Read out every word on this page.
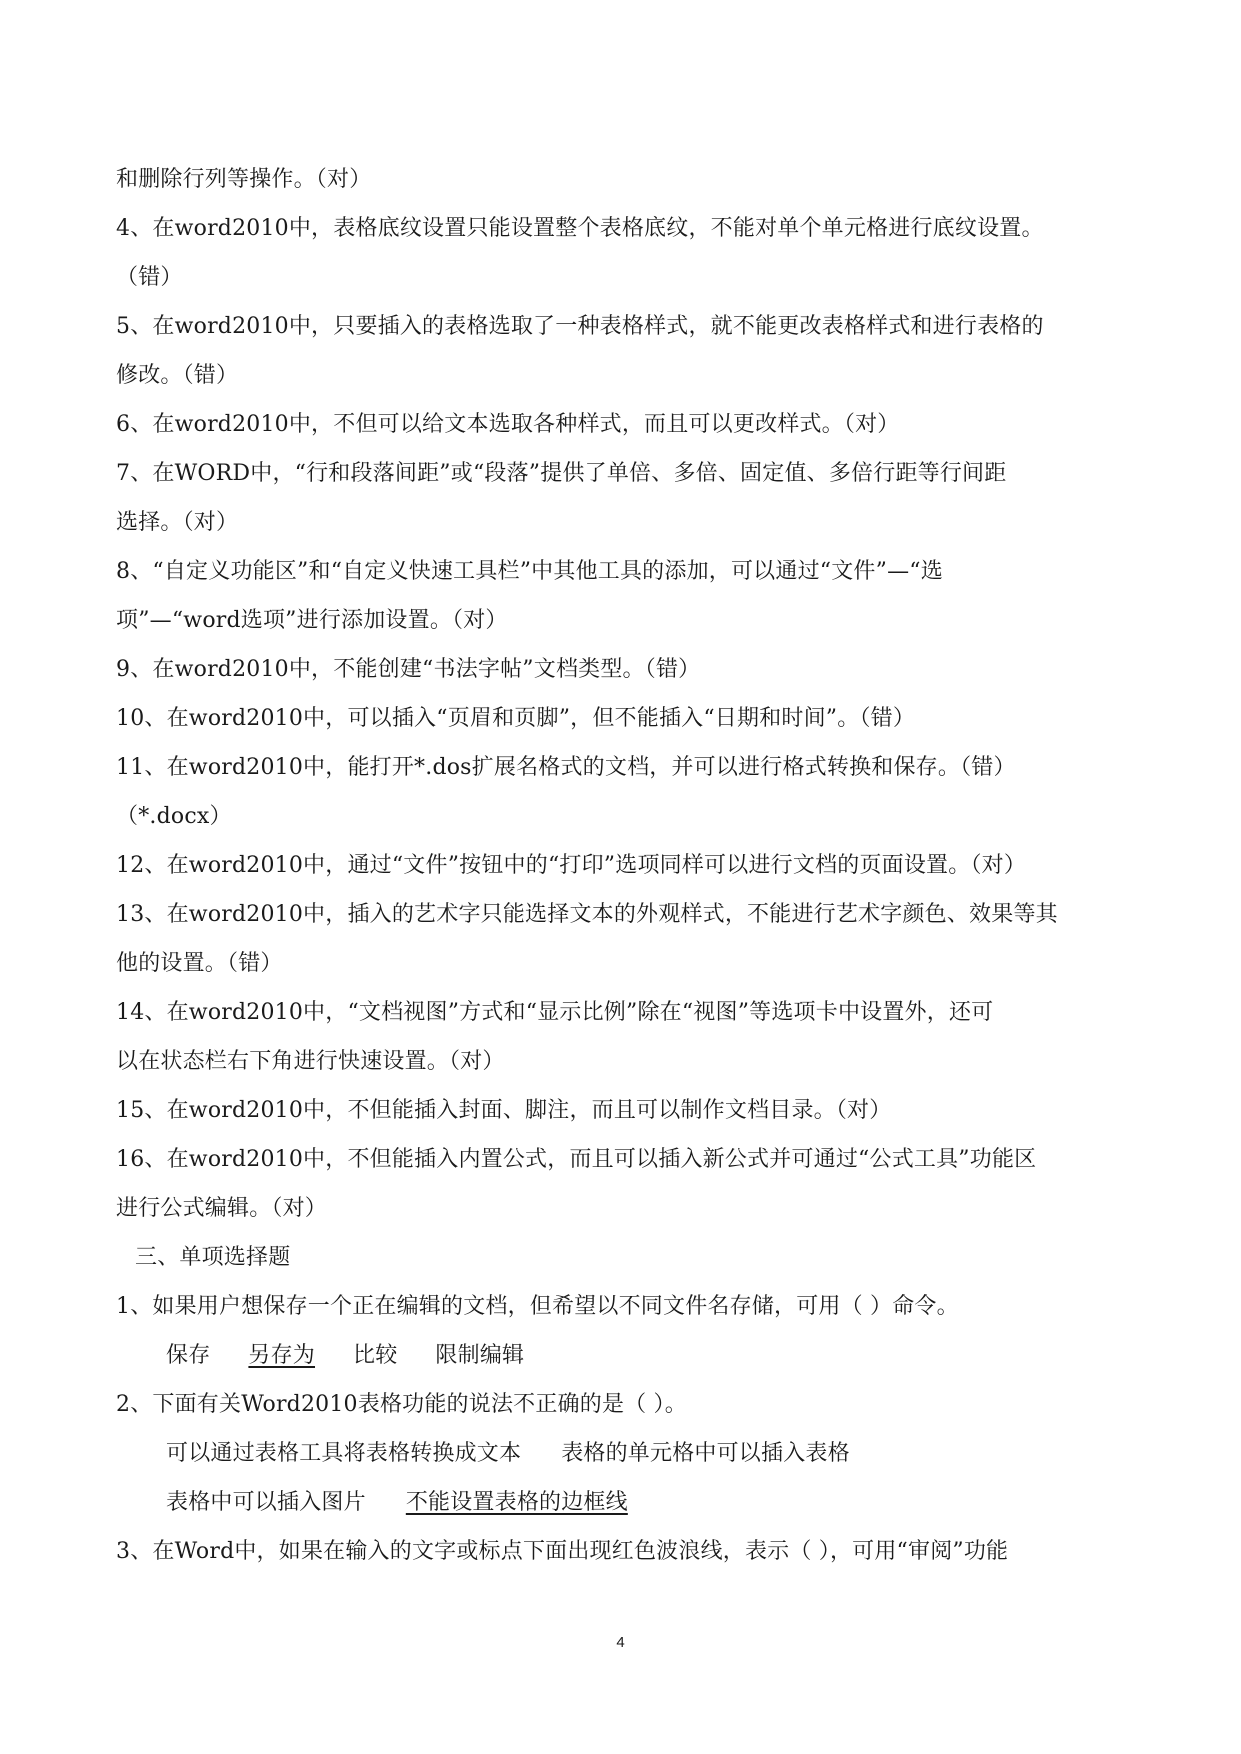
和删除行列等操作。（对）
4、在word2010中，表格底纹设置只能设置整个表格底纹，不能对单个单元格进行底纹设置。
（错）
5、在word2010中，只要插入的表格选取了一种表格样式，就不能更改表格样式和进行表格的
修改。（错）
6、在word2010中，不但可以给文本选取各种样式，而且可以更改样式。（对）
7、在WORD中，“行和段落间距”或“段落”提供了单倍、多倍、固定值、多倍行距等行间距
选择。（对）
8、“自定义功能区”和“自定义快速工具栏”中其他工具的添加，可以通过“文件”—“选
项”—“word选项”进行添加设置。（对）
9、在word2010中，不能创建“书法字帖”文档类型。（错）
10、在word2010中，可以插入“页眉和页脚”，但不能插入“日期和时间”。（错）
11、在word2010中，能打开*.dos扩展名格式的文档，并可以进行格式转换和保存。（错）
（*.docx）
12、在word2010中，通过“文件”按钮中的“打印”选项同样可以进行文档的页面设置。（对）
13、在word2010中，插入的艺术字只能选择文本的外观样式，不能进行艺术字颜色、效果等其
他的设置。（错）
14、在word2010中，“文档视图”方式和“显示比例”除在“视图”等选项卡中设置外，还可
以在状态栏右下角进行快速设置。（对）
15、在word2010中，不但能插入封面、脚注，而且可以制作文档目录。（对）
16、在word2010中，不但能插入内置公式，而且可以插入新公式并可通过“公式工具”功能区
进行公式编辑。（对）
三、单项选择题
1、如果用户想保存一个正在编辑的文档，但希望以不同文件名存储，可用（ ）命令。
保存 另存为 比较 限制编辑
2、下面有关Word2010表格功能的说法不正确的是（ ）。
可以通过表格工具将表格转换成文本 表格的单元格中可以插入表格
表格中可以插入图片 不能设置表格的边框线
3、在Word中，如果在输入的文字或标点下面出现红色波浪线，表示（ ），可用“审阅”功能
4
